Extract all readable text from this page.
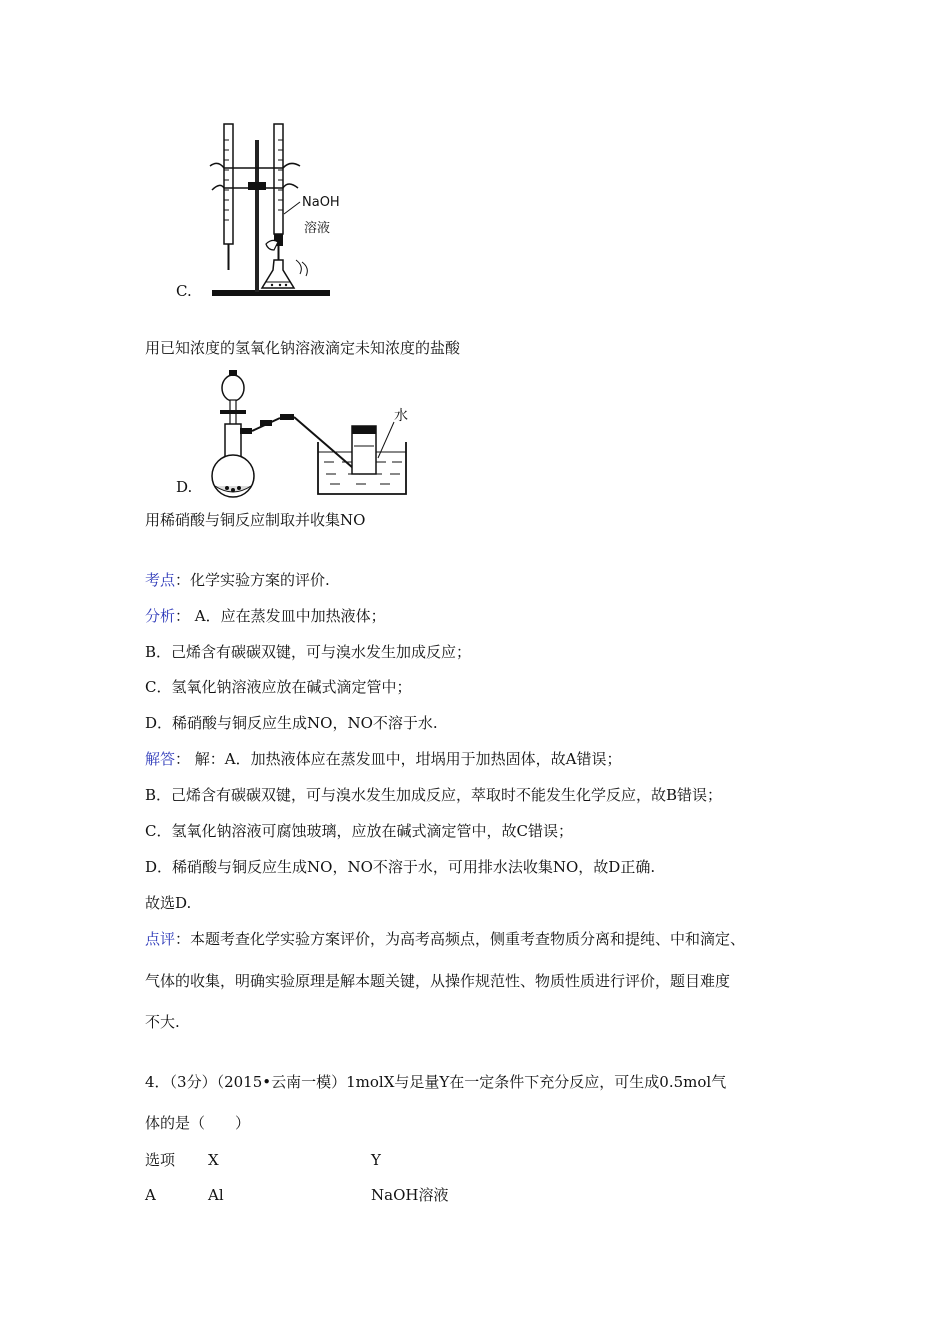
C.
NaOH
溶液
用已知浓度的氢氧化钠溶液滴定未知浓度的盐酸
D.
水
用稀硝酸与铜反应制取并收集NO
考点：化学实验方案的评价.
分析： A．应在蒸发皿中加热液体；
B．己烯含有碳碳双键，可与溴水发生加成反应；
C．氢氧化钠溶液应放在碱式滴定管中；
D．稀硝酸与铜反应生成NO，NO不溶于水.
解答： 解：A．加热液体应在蒸发皿中，坩埚用于加热固体，故A错误；
B．己烯含有碳碳双键，可与溴水发生加成反应，萃取时不能发生化学反应，故B错误；
C．氢氧化钠溶液可腐蚀玻璃，应放在碱式滴定管中，故C错误；
D．稀硝酸与铜反应生成NO，NO不溶于水，可用排水法收集NO，故D正确.
故选D.
点评：本题考查化学实验方案评价，为高考高频点，侧重考查物质分离和提纯、中和滴定、
气体的收集，明确实验原理是解本题关键，从操作规范性、物质性质进行评价，题目难度
不大.
4．（3分）（2015•云南一模）1molX与足量Y在一定条件下充分反应，可生成0.5mol气
体的是（　　）
选项 X	Y
A	Al	NaOH溶液
